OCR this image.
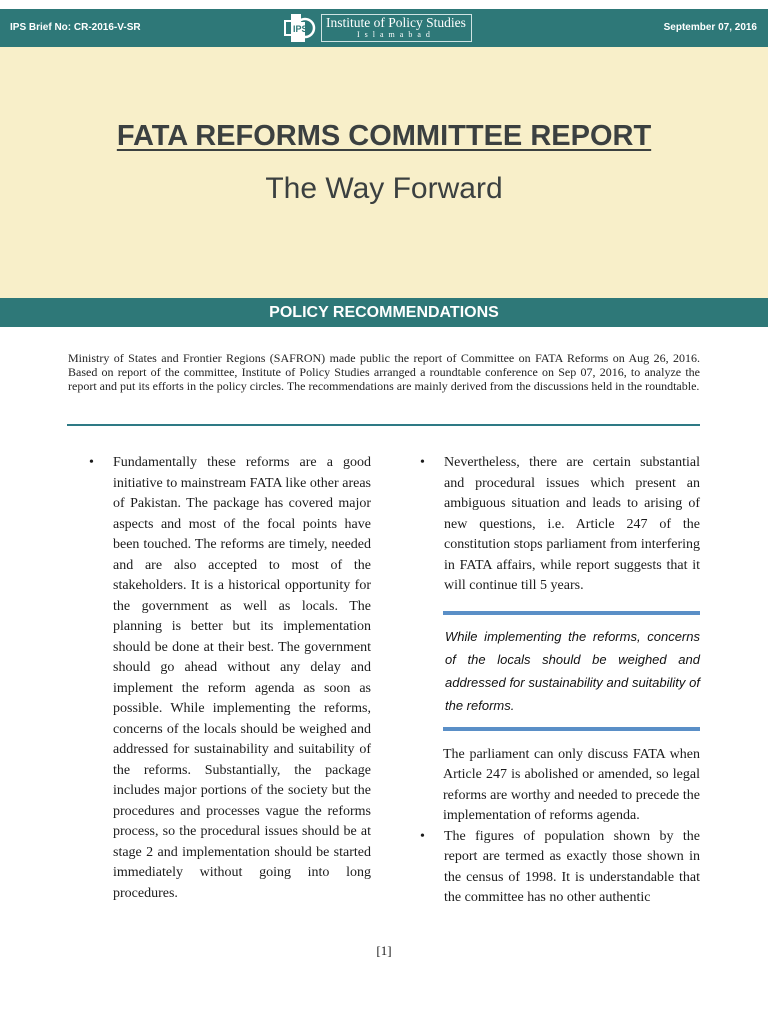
IPS Brief No: CR-2016-V-SR	IPS Institute of Policy Studies
Islamabad
September 07, 2016
FATA REFORMS COMMITTEE REPORT
The Way Forward
POLICY RECOMMENDATIONS

Ministry of States and Frontier Regions (SAFRON) made public the report of Committee on FATA Reforms on Aug 26, 2016. Based on report of the committee, Institute of Policy Studies arranged a roundtable conference on Sep 07, 2016, to analyze the report and put its efforts in the policy circles. The recommendations are mainly derived from the discussions held in the roundtable.

• Fundamentally these reforms are a good initiative to mainstream FATA like other areas of Pakistan. The package has covered major aspects and most of the focal points have been touched. The reforms are timely, needed and are also accepted to most of the stakeholders. It is a historical opportunity for the government as well as locals. The planning is better but its implementation should be done at their best. The government should go ahead without any delay and implement the reform agenda as soon as possible. While implementing the reforms, concerns of the locals should be weighed and addressed for sustainability and suitability of the reforms. Substantially, the package includes major portions of the society but the procedures and processes vague the reforms process, so the procedural issues should be at stage 2 and implementation should be started immediately without going into long procedures.
• Nevertheless, there are certain substantial and procedural issues which present an ambiguous situation and leads to arising of new questions, i.e. Article 247 of the constitution stops parliament from interfering in FATA affairs, while report suggests that it will continue till 5 years.
While implementing the reforms, concerns of the locals should be weighed and addressed for sustainability and suitability of the reforms.
The parliament can only discuss FATA when Article 247 is abolished or amended, so legal reforms are worthy and needed to precede the implementation of reforms agenda.
• The figures of population shown by the report are termed as exactly those shown in the census of 1998. It is understandable that the committee has no other authentic
[1]
